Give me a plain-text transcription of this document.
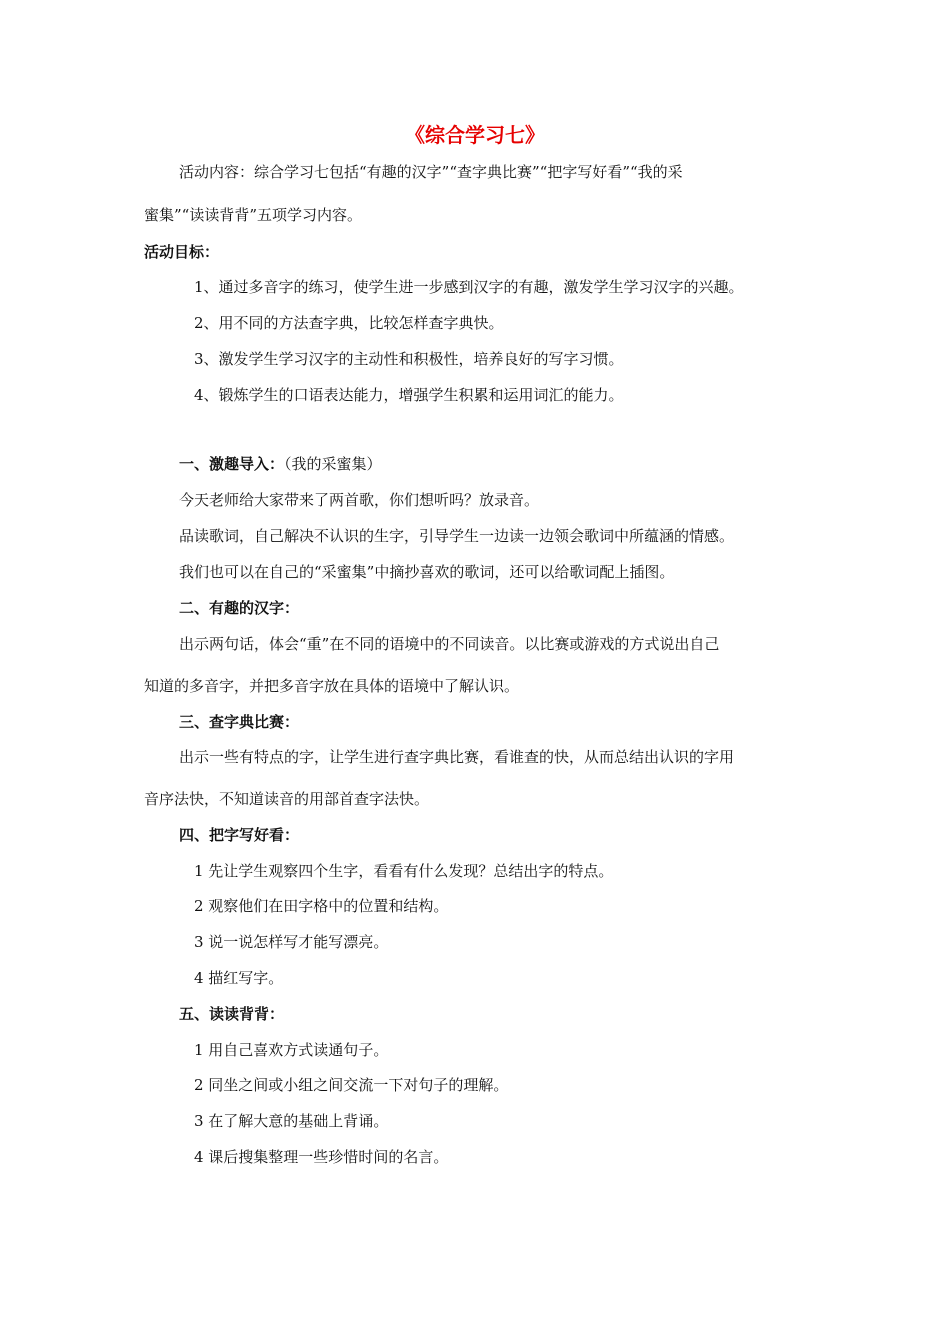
《综合学习七》
活动内容：综合学习七包括“有趣的汉字”“查字典比赛”“把字写好看”“我的采
蜜集”“读读背背”五项学习内容。
活动目标：
1、通过多音字的练习，使学生进一步感到汉字的有趣，激发学生学习汉字的兴趣。
2、用不同的方法查字典，比较怎样查字典快。
3、激发学生学习汉字的主动性和积极性，培养良好的写字习惯。
4、锻炼学生的口语表达能力，增强学生积累和运用词汇的能力。
一、激趣导入：（我的采蜜集）
今天老师给大家带来了两首歌，你们想听吗？放录音。
品读歌词，自己解决不认识的生字，引导学生一边读一边领会歌词中所蕴涵的情感。
我们也可以在自己的“采蜜集”中摘抄喜欢的歌词，还可以给歌词配上插图。
二、有趣的汉字：
出示两句话，体会“重”在不同的语境中的不同读音。以比赛或游戏的方式说出自己
知道的多音字，并把多音字放在具体的语境中了解认识。
三、查字典比赛：
出示一些有特点的字，让学生进行查字典比赛，看谁查的快，从而总结出认识的字用
音序法快，不知道读音的用部首查字法快。
四、把字写好看：
1 先让学生观察四个生字，看看有什么发现？总结出字的特点。
2 观察他们在田字格中的位置和结构。
3 说一说怎样写才能写漂亮。
4 描红写字。
五、读读背背：
1 用自己喜欢方式读通句子。
2 同坐之间或小组之间交流一下对句子的理解。
3 在了解大意的基础上背诵。
4 课后搜集整理一些珍惜时间的名言。
